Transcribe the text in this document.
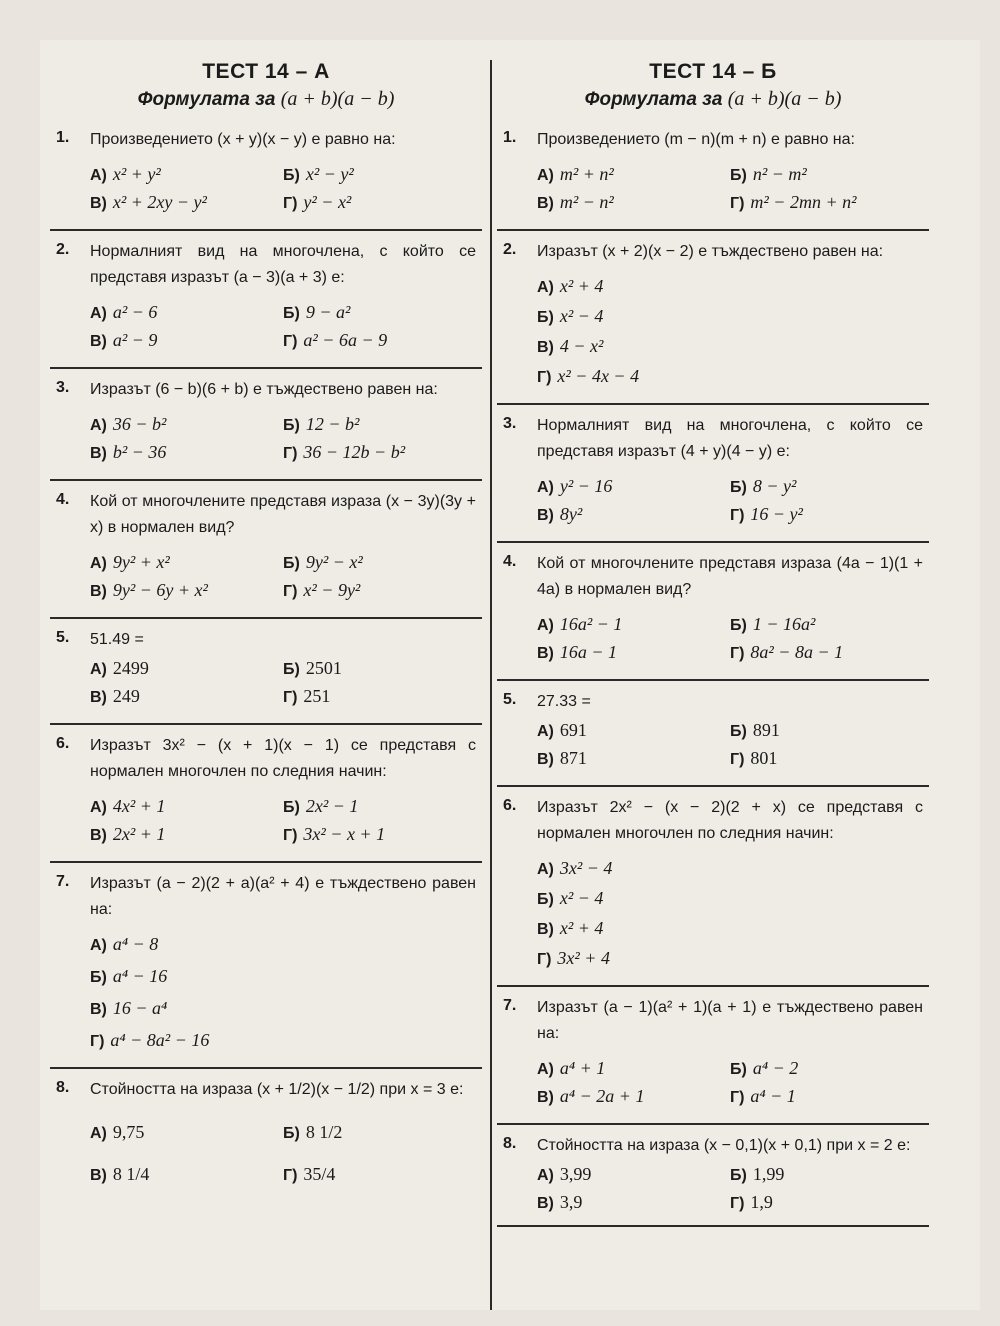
ТЕСТ 14 – А
Формулата за (a + b)(a − b)
1. Произведението (x + y)(x − y) е равно на:
А) x² + y²	Б) x² − y²
В) x² + 2xy − y²	Г) y² − x²
2. Нормалният вид на многочлена, с който се представя изразът (a − 3)(a + 3) е:
А) a² − 6	Б) 9 − a²
В) a² − 9	Г) a² − 6a − 9
3. Изразът (6 − b)(6 + b) е тъждествено равен на:
А) 36 − b²	Б) 12 − b²
В) b² − 36	Г) 36 − 12b − b²
4. Кой от многочлените представя израза (x − 3y)(3y + x) в нормален вид?
А) 9y² + x²	Б) 9y² − x²
В) 9y² − 6y + x²	Г) x² − 9y²
5. 51.49 =
А) 2499	Б) 2501
В) 249	Г) 251
6. Изразът 3x² − (x + 1)(x − 1) се представя с нормален многочлен по следния начин:
А) 4x² + 1	Б) 2x² − 1
В) 2x² + 1	Г) 3x² − x + 1
7. Изразът (a − 2)(2 + a)(a² + 4) е тъждествено равен на:
А) a⁴ − 8
Б) a⁴ − 16
В) 16 − a⁴
Г) a⁴ − 8a² − 16
8. Стойността на израза (x + 1/2)(x − 1/2) при x = 3 е:
А) 9,75	Б) 8 1/2
В) 8 1/4	Г) 35/4
ТЕСТ 14 – Б
Формулата за (a + b)(a − b)
1. Произведението (m − n)(m + n) е равно на:
А) m² + n²	Б) n² − m²
В) m² − n²	Г) m² − 2mn + n²
2. Изразът (x + 2)(x − 2) е тъждествено равен на:
А) x² + 4
Б) x² − 4
В) 4 − x²
Г) x² − 4x − 4
3. Нормалният вид на многочлена, с който се представя изразът (4 + y)(4 − y) е:
А) y² − 16	Б) 8 − y²
В) 8y²	Г) 16 − y²
4. Кой от многочлените представя израза (4a − 1)(1 + 4a) в нормален вид?
А) 16a² − 1	Б) 1 − 16a²
В) 16a − 1	Г) 8a² − 8a − 1
5. 27.33 =
А) 691	Б) 891
В) 871	Г) 801
6. Изразът 2x² − (x − 2)(2 + x) се представя с нормален многочлен по следния начин:
А) 3x² − 4
Б) x² − 4
В) x² + 4
Г) 3x² + 4
7. Изразът (a − 1)(a² + 1)(a + 1) е тъждествено равен на:
А) a⁴ + 1	Б) a⁴ − 2
В) a⁴ − 2a + 1	Г) a⁴ − 1
8. Стойността на израза (x − 0,1)(x + 0,1) при x = 2 е:
А) 3,99	Б) 1,99
В) 3,9	Г) 1,9
